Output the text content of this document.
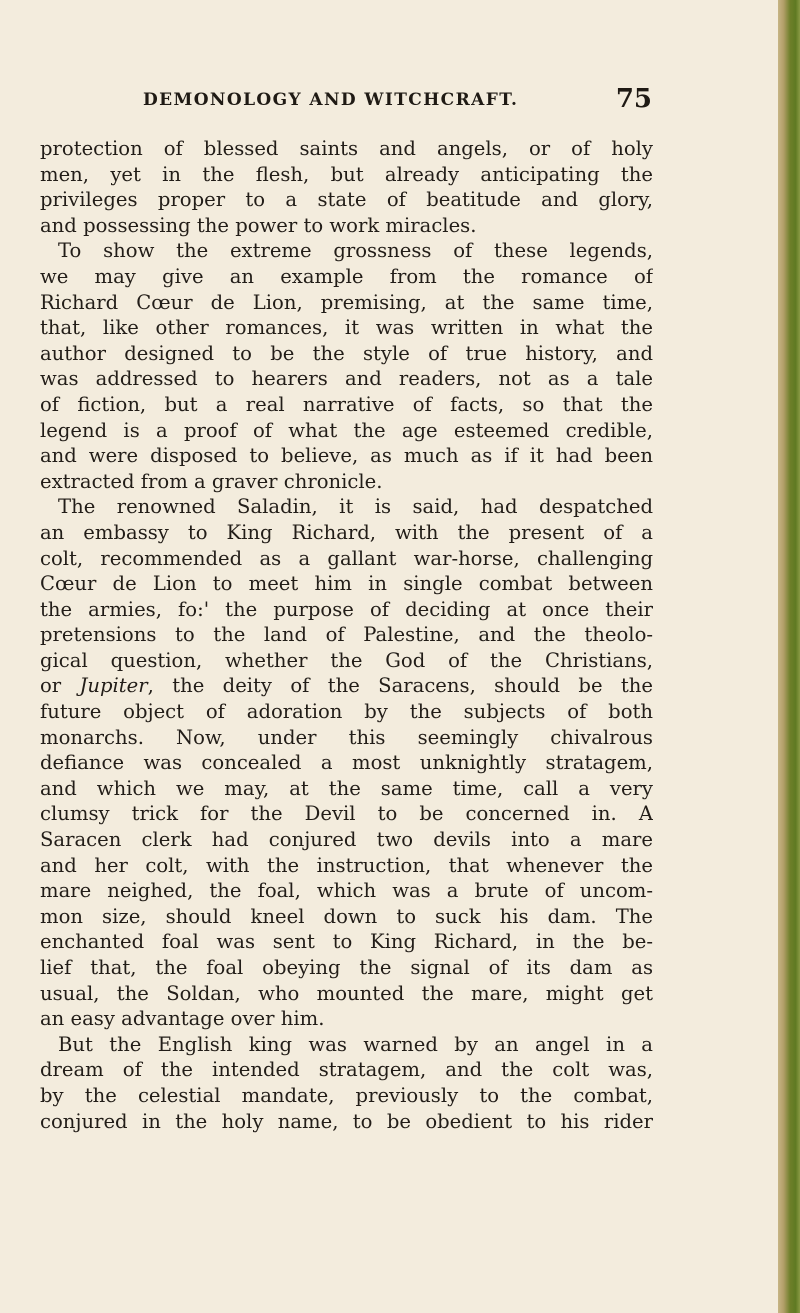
DEMONOLOGY AND WITCHCRAFT.	75
protection of blessed saints and angels, or of holy
men, yet in the flesh, but already anticipating the
privileges proper to a state of beatitude and glory,
and possessing the power to work miracles.
To show the extreme grossness of these legends,
we may give an example from the romance of
Richard Cœur de Lion, premising, at the same time,
that, like other romances, it was written in what the
author designed to be the style of true history, and
was addressed to hearers and readers, not as a tale
of fiction, but a real narrative of facts, so that the
legend is a proof of what the age esteemed credible,
and were disposed to believe, as much as if it had been
extracted from a graver chronicle.
The renowned Saladin, it is said, had despatched
an embassy to King Richard, with the present of a
colt, recommended as a gallant war-horse, challenging
Cœur de Lion to meet him in single combat between
the armies, fo:' the purpose of deciding at once their
pretensions to the land of Palestine, and the theolo-
gical question, whether the God of the Christians,
or Jupiter, the deity of the Saracens, should be the
future object of adoration by the subjects of both
monarchs. Now, under this seemingly chivalrous
defiance was concealed a most unknightly stratagem,
and which we may, at the same time, call a very
clumsy trick for the Devil to be concerned in. A
Saracen clerk had conjured two devils into a mare
and her colt, with the instruction, that whenever the
mare neighed, the foal, which was a brute of uncom-
mon size, should kneel down to suck his dam. The
enchanted foal was sent to King Richard, in the be-
lief that, the foal obeying the signal of its dam as
usual, the Soldan, who mounted the mare, might get
an easy advantage over him.
But the English king was warned by an angel in a
dream of the intended stratagem, and the colt was,
by the celestial mandate, previously to the combat,
conjured in the holy name, to be obedient to his rider
